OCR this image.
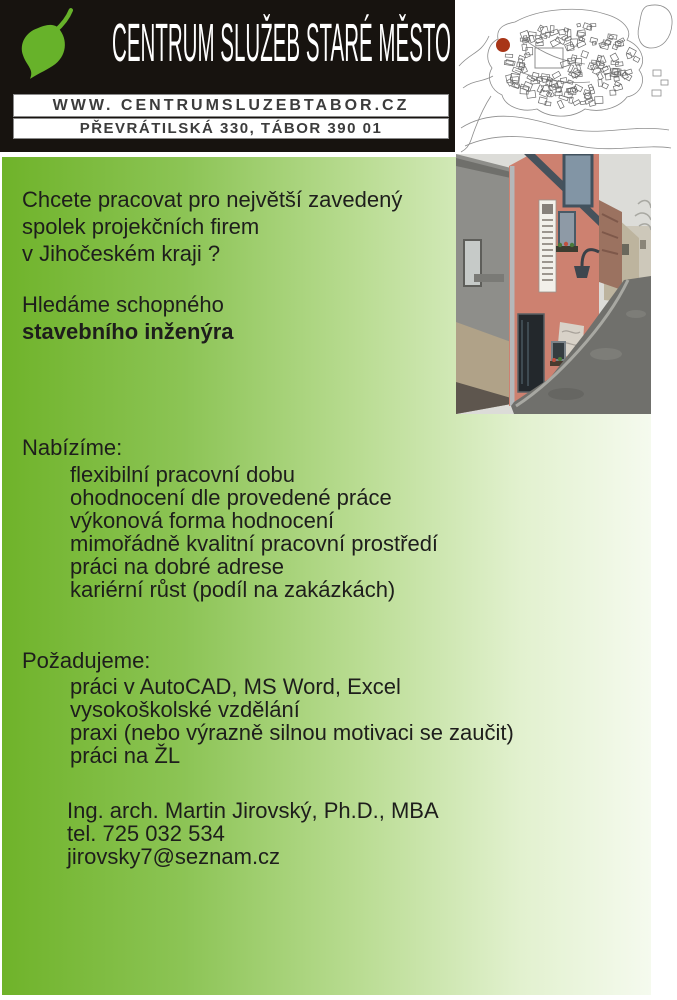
CENTRUM SLUŽEB STARÉ MĚSTO
WWW. CENTRUMSLUZEBTABOR.CZ
PŘEVRÁTILSKÁ 330, TÁBOR 390 01
Chcete pracovat pro největší zavedený
spolek projekčních firem
v Jihočeském kraji ?
Hledáme schopného
stavebního inženýra
Nabízíme:
flexibilní pracovní dobu
ohodnocení dle provedené práce
výkonová forma hodnocení
mimořádně kvalitní pracovní prostředí
práci na dobré adrese
kariérní růst (podíl na zakázkách)
Požadujeme:
práci v AutoCAD, MS Word, Excel
vysokoškolské vzdělání
praxi (nebo výrazně silnou motivaci se zaučit)
práci na ŽL
Ing. arch. Martin Jirovský, Ph.D., MBA
tel. 725 032 534
jirovsky7@seznam.cz
